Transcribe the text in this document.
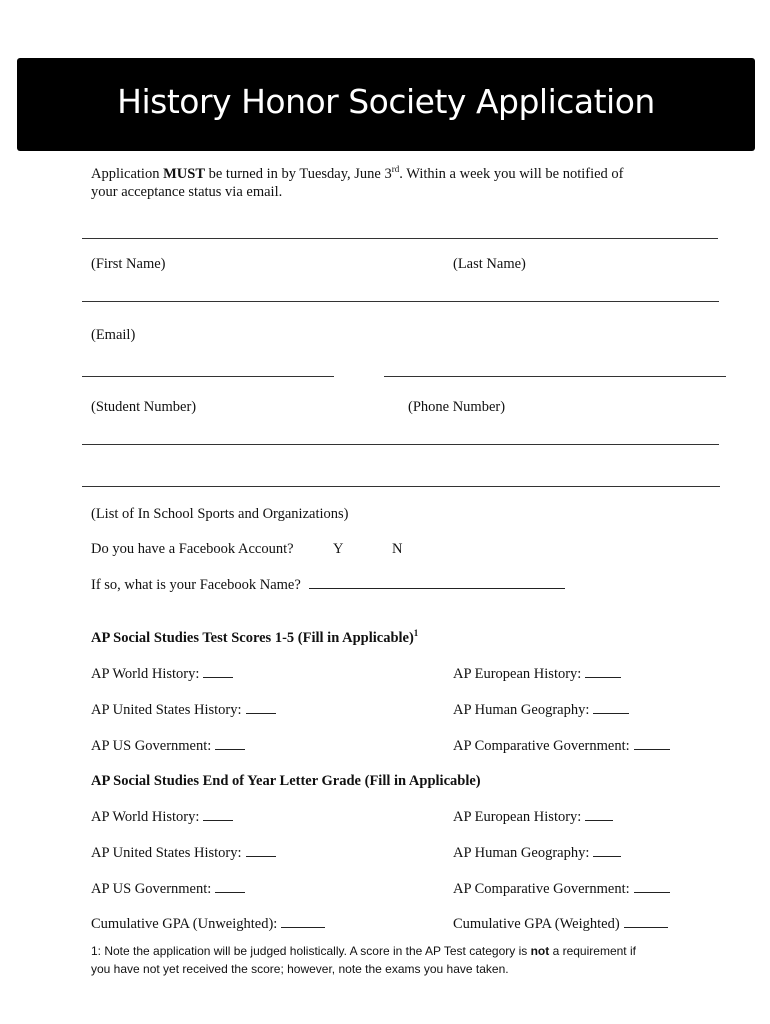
History Honor Society Application
Application MUST be turned in by Tuesday, June 3rd. Within a week you will be notified of
your acceptance status via email.
(First Name)	(Last Name)
(Email)
(Student Number)	(Phone Number)
(List of In School Sports and Organizations)
Do you have a Facebook Account?	Y	N
If so, what is your Facebook Name?
AP Social Studies Test Scores 1-5 (Fill in Applicable)$^1$
AP World History:	AP European History:
AP United States History:	AP Human Geography:
AP US Government:	AP Comparative Government:
AP Social Studies End of Year Letter Grade (Fill in Applicable)
AP World History:	AP European History:
AP United States History:	AP Human Geography:
AP US Government:	AP Comparative Government:
Cumulative GPA (Unweighted):	Cumulative GPA (Weighted)
1: Note the application will be judged holistically. A score in the AP Test category is not a requirement if
you have not yet received the score; however, note the exams you have taken.
